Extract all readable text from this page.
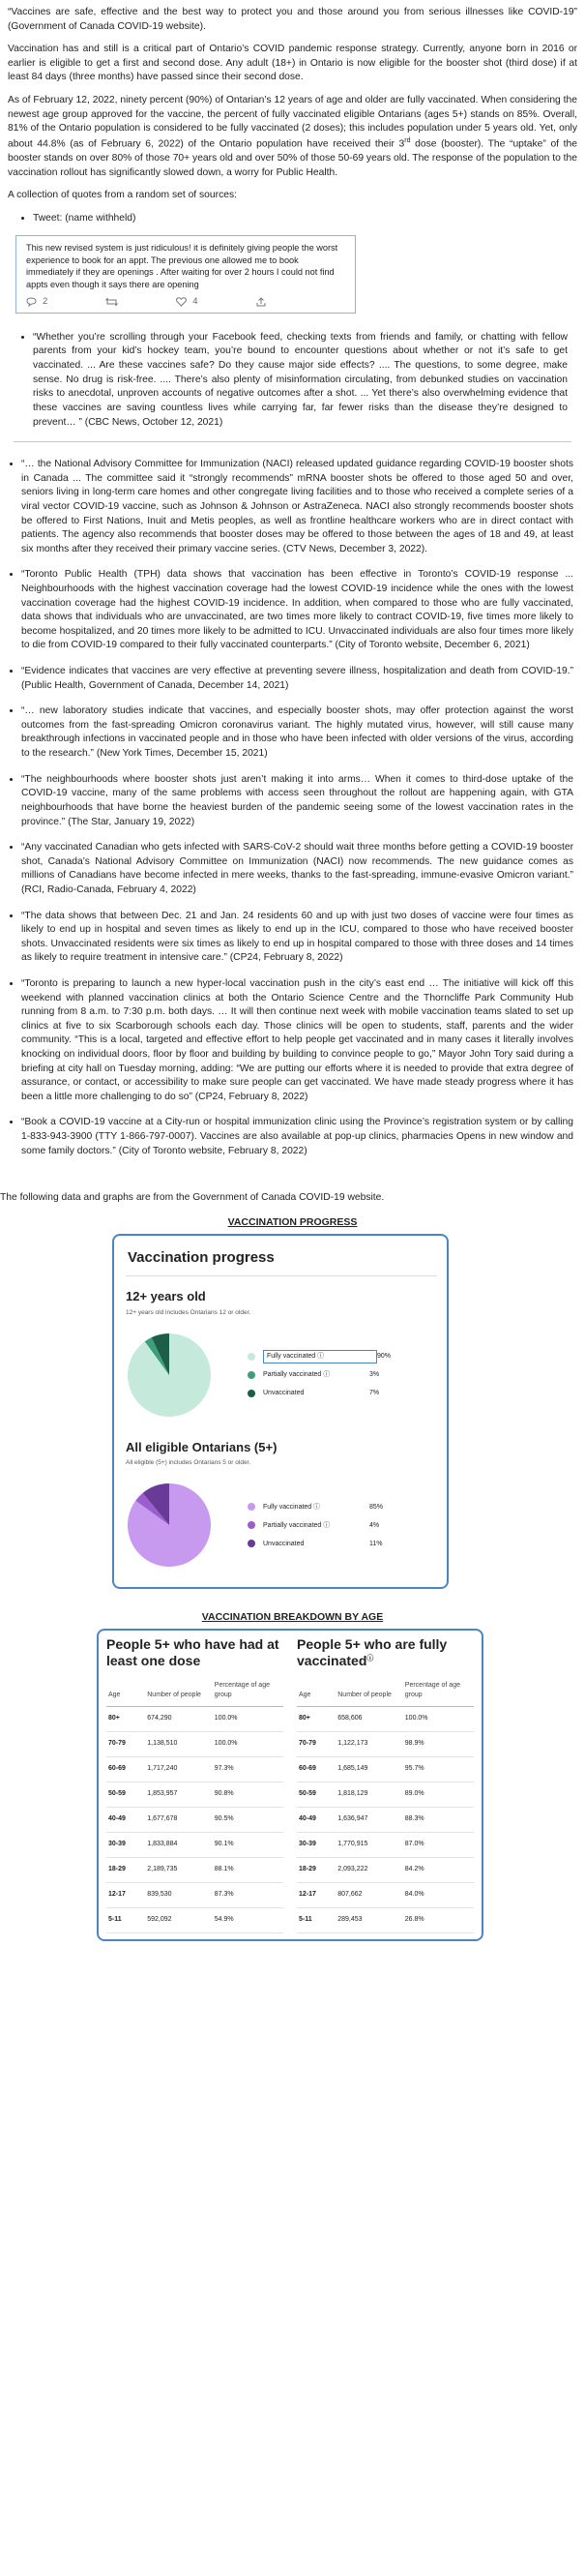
“Vaccines are safe, effective and the best way to protect you and those around you from serious illnesses like COVID-19” (Government of Canada COVID-19 website).

Vaccination has and still is a critical part of Ontario’s COVID pandemic response strategy. Currently, anyone born in 2016 or earlier is eligible to get a first and second dose. Any adult (18+) in Ontario is now eligible for the booster shot (third dose) if at least 84 days (three months) have passed since their second dose.

As of February 12, 2022, ninety percent (90%) of Ontarian’s 12 years of age and older are fully vaccinated. When considering the newest age group approved for the vaccine, the percent of fully vaccinated eligible Ontarians (ages 5+) stands on 85%. Overall, 81% of the Ontario population is considered to be fully vaccinated (2 doses); this includes population under 5 years old. Yet, only about 44.8% (as of February 6, 2022) of the Ontario population have received their 3rd dose (booster). The “uptake” of the booster stands on over 80% of those 70+ years old and over 50% of those 50-69 years old. The response of the population to the vaccination rollout has significantly slowed down, a worry for Public Health.

A collection of quotes from a random set of sources:

• Tweet: (name withheld)
This new revised system is just ridiculous! it is definitely giving people the worst experience to book for an appt. The previous one allowed me to book immediately if they are openings . After waiting for over 2 hours I could not find appts even though it says there are opening
2	4
• “Whether you’re scrolling through your Facebook feed, checking texts from friends and family, or chatting with fellow parents from your kid’s hockey team, you’re bound to encounter questions about whether or not it’s safe to get vaccinated. ... Are these vaccines safe? Do they cause major side effects? .... The questions, to some degree, make sense. No drug is risk-free. .... There’s also plenty of misinformation circulating, from debunked studies on vaccination risks to anecdotal, unproven accounts of negative outcomes after a shot. ... Yet there’s also overwhelming evidence that these vaccines are saving countless lives while carrying far, far fewer risks than the disease they’re designed to prevent… ” (CBC News, October 12, 2021)
• “… the National Advisory Committee for Immunization (NACI) released updated guidance regarding COVID-19 booster shots in Canada ... The committee said it “strongly recommends” mRNA booster shots be offered to those aged 50 and over, seniors living in long-term care homes and other congregate living facilities and to those who received a complete series of a viral vector COVID-19 vaccine, such as Johnson & Johnson or AstraZeneca. NACI also strongly recommends booster shots be offered to First Nations, Inuit and Metis peoples, as well as frontline healthcare workers who are in direct contact with patients. The agency also recommends that booster doses may be offered to those between the ages of 18 and 49, at least six months after they received their primary vaccine series. (CTV News, December 3, 2022).
• “Toronto Public Health (TPH) data shows that vaccination has been effective in Toronto’s COVID-19 response ... Neighbourhoods with the highest vaccination coverage had the lowest COVID-19 incidence while the ones with the lowest vaccination coverage had the highest COVID-19 incidence. In addition, when compared to those who are fully vaccinated, data shows that individuals who are unvaccinated, are two times more likely to contract COVID-19, five times more likely to become hospitalized, and 20 times more likely to be admitted to ICU. Unvaccinated individuals are also four times more likely to die from COVID-19 compared to their fully vaccinated counterparts.” (City of Toronto website, December 6, 2021)
• “Evidence indicates that vaccines are very effective at preventing severe illness, hospitalization and death from COVID-19.” (Public Health, Government of Canada, December 14, 2021)
• “… new laboratory studies indicate that vaccines, and especially booster shots, may offer protection against the worst outcomes from the fast-spreading Omicron coronavirus variant. The highly mutated virus, however, will still cause many breakthrough infections in vaccinated people and in those who have been infected with older versions of the virus, according to the research.” (New York Times, December 15, 2021)
• “The neighbourhoods where booster shots just aren’t making it into arms… When it comes to third-dose uptake of the COVID-19 vaccine, many of the same problems with access seen throughout the rollout are happening again, with GTA neighbourhoods that have borne the heaviest burden of the pandemic seeing some of the lowest vaccination rates in the province.” (The Star, January 19, 2022)
• “Any vaccinated Canadian who gets infected with SARS-CoV-2 should wait three months before getting a COVID-19 booster shot, Canada’s National Advisory Committee on Immunization (NACI) now recommends. The new guidance comes as millions of Canadians have become infected in mere weeks, thanks to the fast-spreading, immune-evasive Omicron variant.” (RCI, Radio-Canada, February 4, 2022)
• “The data shows that between Dec. 21 and Jan. 24 residents 60 and up with just two doses of vaccine were four times as likely to end up in hospital and seven times as likely to end up in the ICU, compared to those who have received booster shots. Unvaccinated residents were six times as likely to end up in hospital compared to those with three doses and 14 times as likely to require treatment in intensive care.” (CP24, February 8, 2022)
• “Toronto is preparing to launch a new hyper-local vaccination push in the city’s east end … The initiative will kick off this weekend with planned vaccination clinics at both the Ontario Science Centre and the Thorncliffe Park Community Hub running from 8 a.m. to 7:30 p.m. both days. … It will then continue next week with mobile vaccination teams slated to set up clinics at five to six Scarborough schools each day. Those clinics will be open to students, staff, parents and the wider community. “This is a local, targeted and effective effort to help people get vaccinated and in many cases it literally involves knocking on individual doors, floor by floor and building by building to convince people to go,” Mayor John Tory said during a briefing at city hall on Tuesday morning, adding: “We are putting our efforts where it is needed to provide that extra degree of assurance, or contact, or accessibility to make sure people can get vaccinated. We have made steady progress where it has been a little more challenging to do so” (CP24, February 8, 2022)
• “Book a COVID-19 vaccine at a City-run or hospital immunization clinic using the Province’s registration system or by calling 1-833-943-3900 (TTY 1-866-797-0007). Vaccines are also available at pop-up clinics, pharmacies Opens in new window and some family doctors.” (City of Toronto website, February 8, 2022)
The following data and graphs are from the Government of Canada COVID-19 website.
VACCINATION PROGRESS
Vaccination progress
12+ years old
12+ years old includes Ontarians 12 or older.
Fully vaccinated ⓘ	90%
Partially vaccinated ⓘ	3%
Unvaccinated	7%
All eligible Ontarians (5+)
All eligible (5+) includes Ontarians 5 or older.
Fully vaccinated ⓘ	85%
Partially vaccinated ⓘ	4%
Unvaccinated	11%
VACCINATION BREAKDOWN BY AGE
People 5+ who have had at least one dose
Age	Number of people	Percentage of age group
80+	674,290	100.0%
70-79	1,138,510	100.0%
60-69	1,717,240	97.3%
50-59	1,853,957	90.8%
40-49	1,677,678	90.5%
30-39	1,833,884	90.1%
18-29	2,189,735	88.1%
12-17	839,530	87.3%
5-11	592,092	54.9%
People 5+ who are fully vaccinatedⓘ
Age	Number of people	Percentage of age group
80+	658,606	100.0%
70-79	1,122,173	98.9%
60-69	1,685,149	95.7%
50-59	1,818,129	89.0%
40-49	1,636,947	88.3%
30-39	1,770,915	87.0%
18-29	2,093,222	84.2%
12-17	807,662	84.0%
5-11	289,453	26.8%
